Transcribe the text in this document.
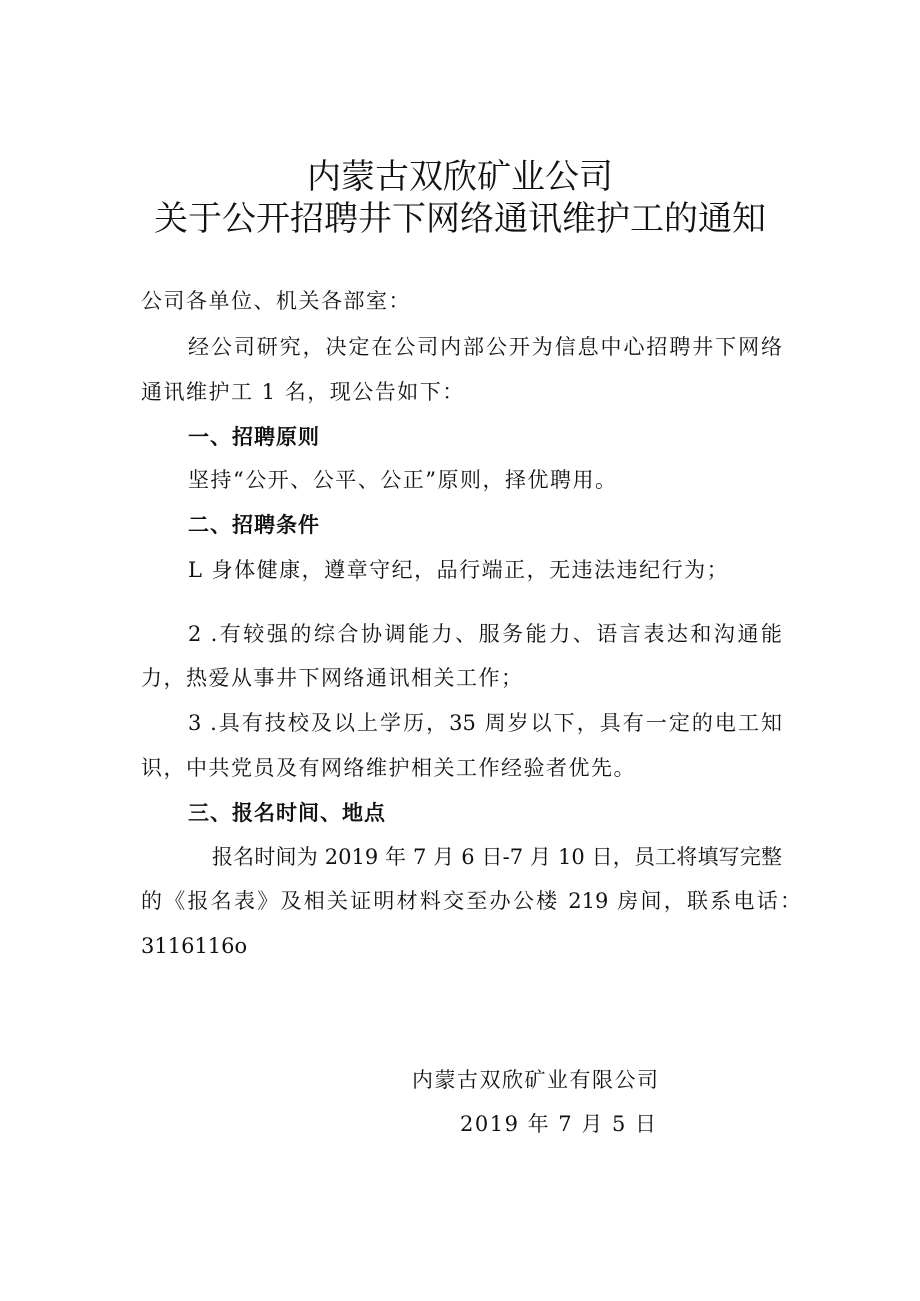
内蒙古双欣矿业公司
关于公开招聘井下网络通讯维护工的通知
公司各单位、机关各部室：
经公司研究，决定在公司内部公开为信息中心招聘井下网络
通讯维护工 1 名，现公告如下：
一、招聘原则
坚持“公开、公平、公正”原则，择优聘用。
二、招聘条件
L 身体健康，遵章守纪，品行端正，无违法违纪行为；
2 .有较强的综合协调能力、服务能力、语言表达和沟通能
力，热爱从事井下网络通讯相关工作；
3 .具有技校及以上学历，35 周岁以下，具有一定的电工知
识，中共党员及有网络维护相关工作经验者优先。
三、报名时间、地点
报名时间为 2019 年 7 月 6 日-7 月 10 日，员工将填写完整
的《报名表》及相关证明材料交至办公楼 219 房间，联系电话：
3116116o
内蒙古双欣矿业有限公司
2019 年 7 月 5 日
